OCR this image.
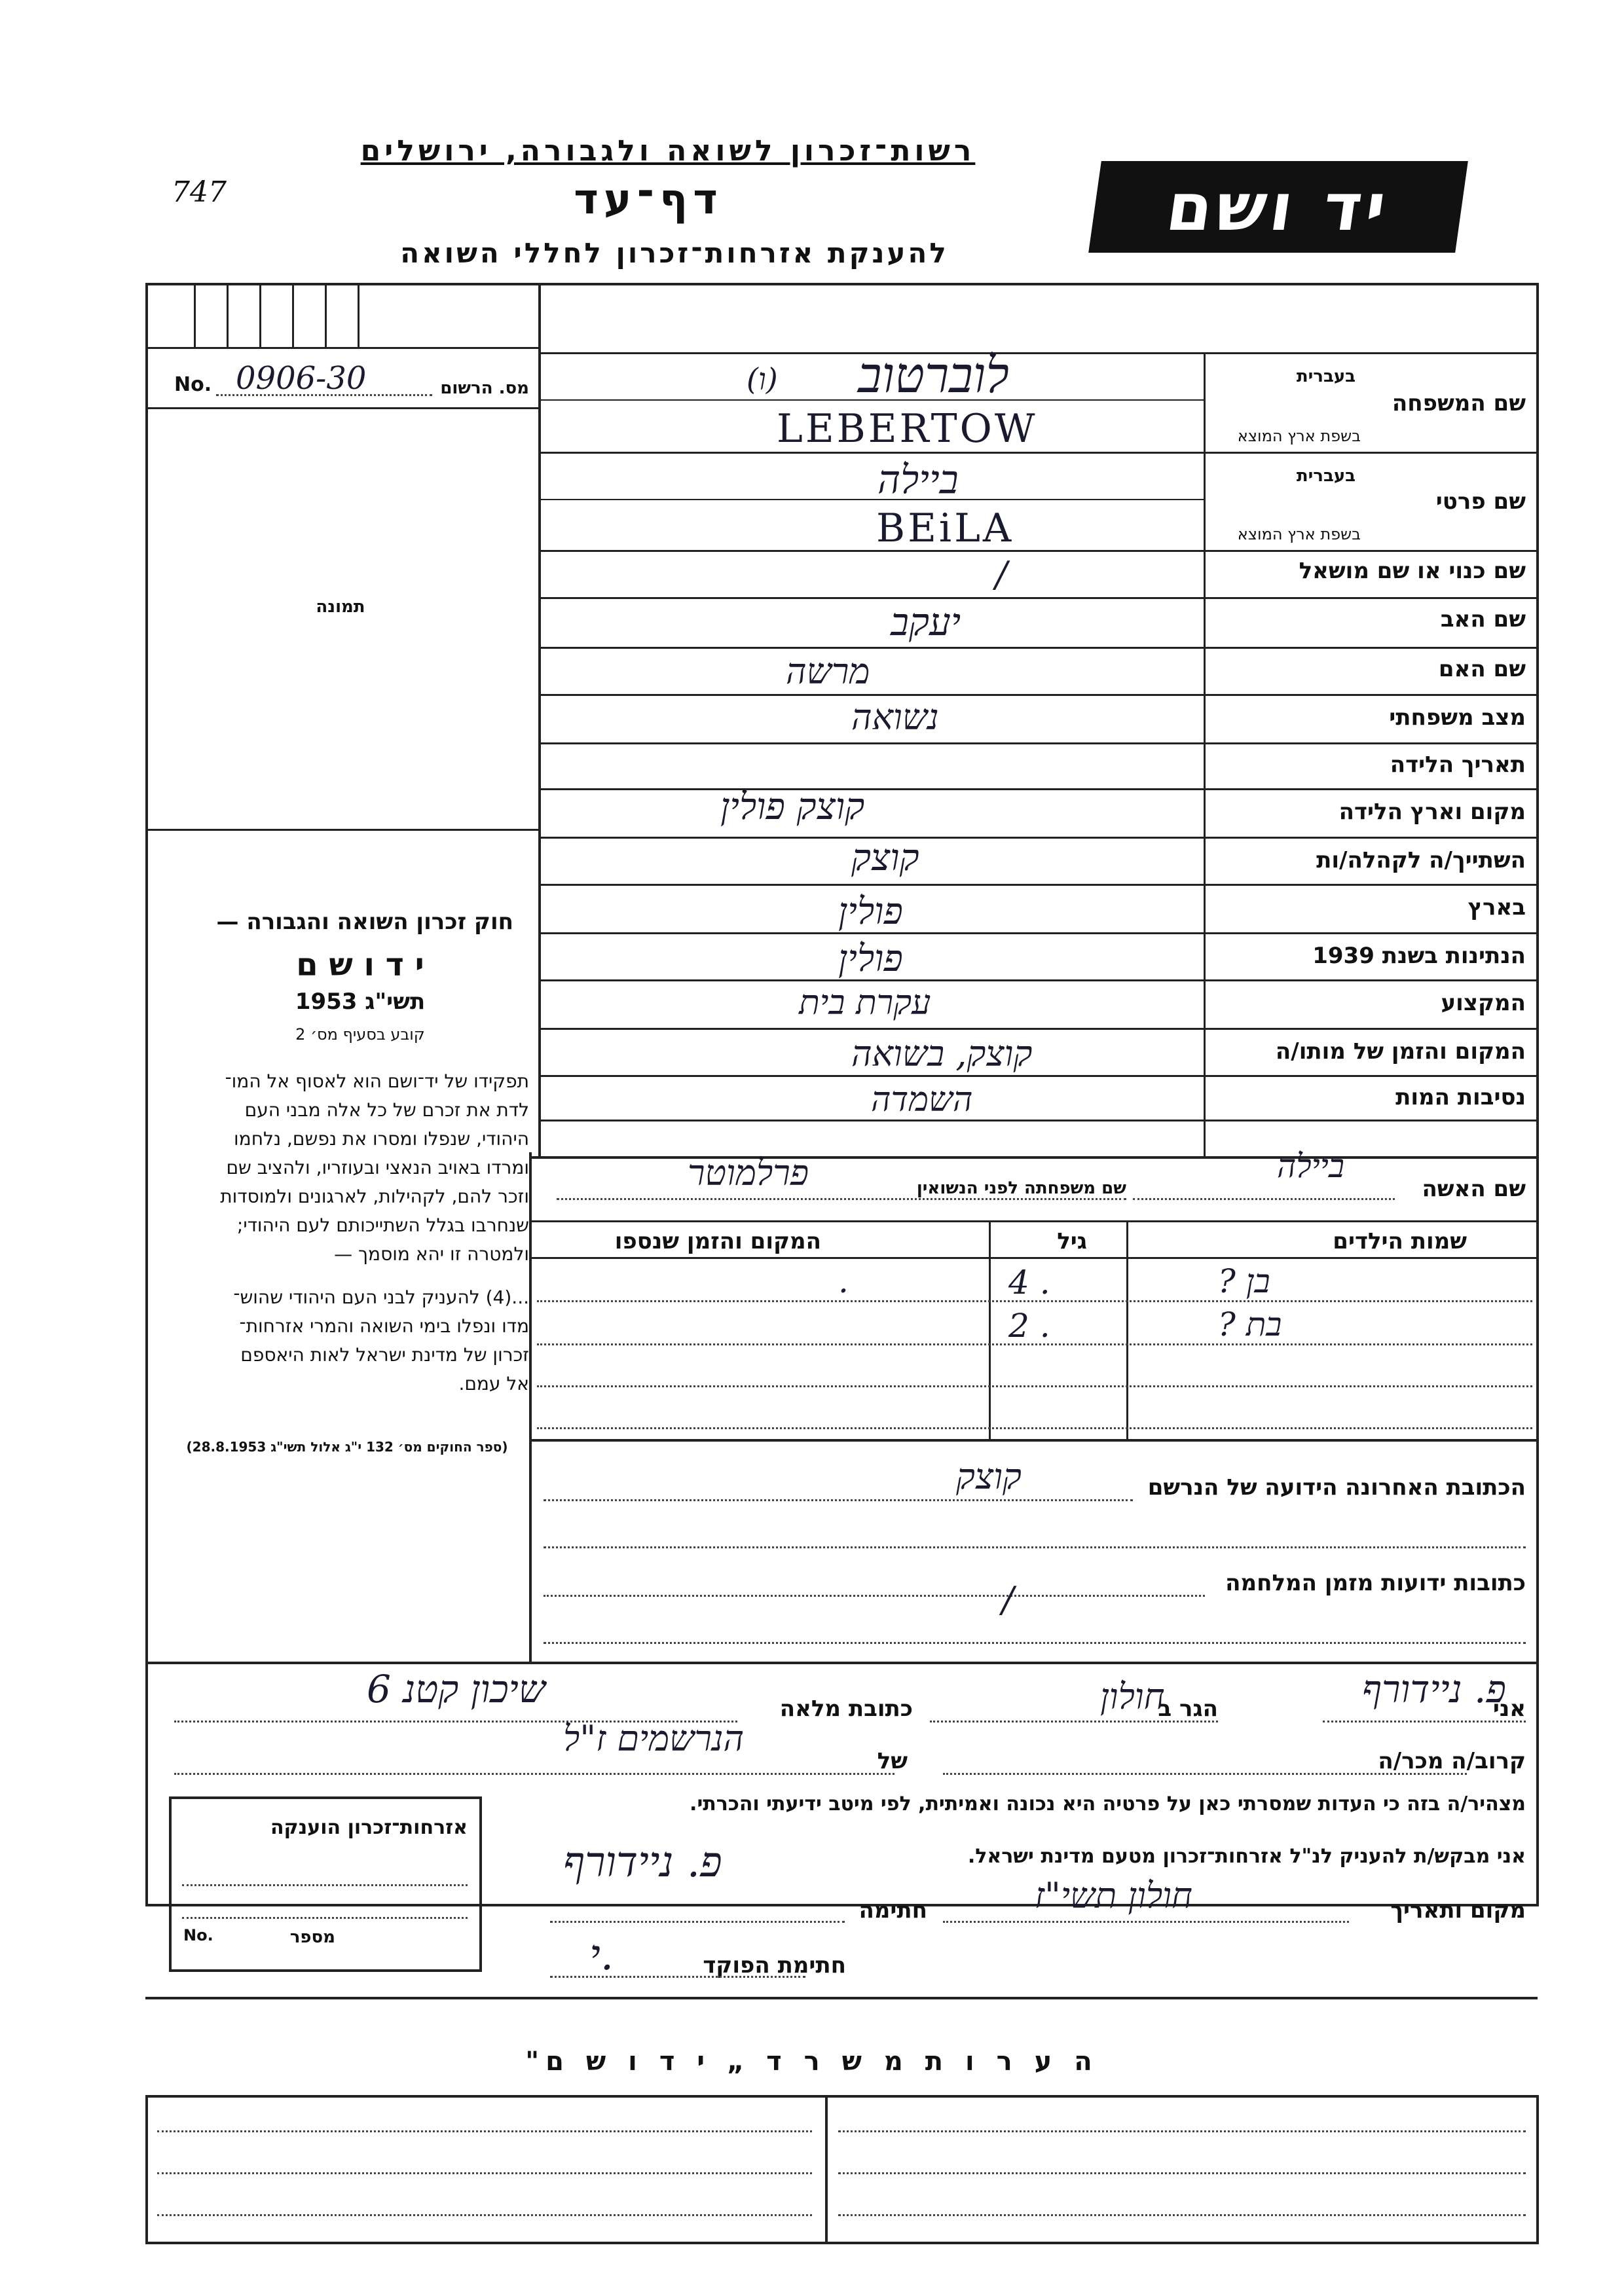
747
רשות־זכרון לשואה ולגבורה, ירושלים
דף־עד
להענקת אזרחות־זכרון לחללי השואה
יד ושם
No. 0906-30	מס. הרשום
תמונה
חוק זכרון השואה והגבורה —
י ד ו ש ם
תשי"ג 1953
קובע בסעיף מס׳ 2
תפקידו של יד־ושם הוא לאסוף אל המו־
לדת את זכרם של כל אלה מבני העם
היהודי, שנפלו ומסרו את נפשם, נלחמו
ומרדו באויב הנאצי ובעוזריו, ולהציב שם
וזכר להם, לקהילות, לארגונים ולמוסדות
שנחרבו בגלל השתייכותם לעם היהודי;
ולמטרה זו יהא מוסמך —
...(4) להעניק לבני העם היהודי שהוש־
מדו ונפלו בימי השואה והמרי אזרחות־
זכרון של מדינת ישראל לאות היאספם
אל עמם.
(ספר החוקים מס׳ 132 י"ג אלול תשי"ג 28.8.1953)
שם המשפחה
בעברית
בשפת ארץ המוצא
(ו) לוברטוב
LEBERTOW
שם פרטי
בעברית
בשפת ארץ המוצא
ביילה
BEiLA
שם כנוי או שם מושאל
/
שם האב
יעקב
שם האם
מרשה
מצב משפחתי
נשואה
תאריך הלידה
מקום וארץ הלידה
קוצק פולין
השתייך/ה לקהלה/ות
קוצק
בארץ
פולין
הנתינות בשנת 1939
פולין
המקצוע
עקרת בית
המקום והזמן של מותו/ה
קוצק, בשואה
נסיבות המות
השמדה
שם האשה
ביילה
שם משפחתה לפני הנשואין
פרלמוטר
שמות הילדים
גיל
המקום והזמן שנספו
בן ?
4 .
.
בת ?
2 .
הכתובת האחרונה הידועה של הנרשם
קוצק
כתובות ידועות מזמן המלחמה
/
אני
פ. ניידורף
הגר ב
חולון
כתובת מלאה
שיכון קטנ 6
קרוב/ה מכר/ה
של
הנרשמים ז"ל
מצהיר/ה בזה כי העדות שמסרתי כאן על פרטיה היא נכונה ואמיתית, לפי מיטב ידיעתי והכרתי.
אני מבקש/ת להעניק לנ"ל אזרחות־זכרון מטעם מדינת ישראל.
מקום ותאריך
חולון תשי"ז
חתימה
פ. ניידורף
חתימת הפוקד
י.
אזרחות־זכרון הוענקה
No.	מספר
ה ע ר ו ת מ ש ר ד „ י ד ו ש ם"
